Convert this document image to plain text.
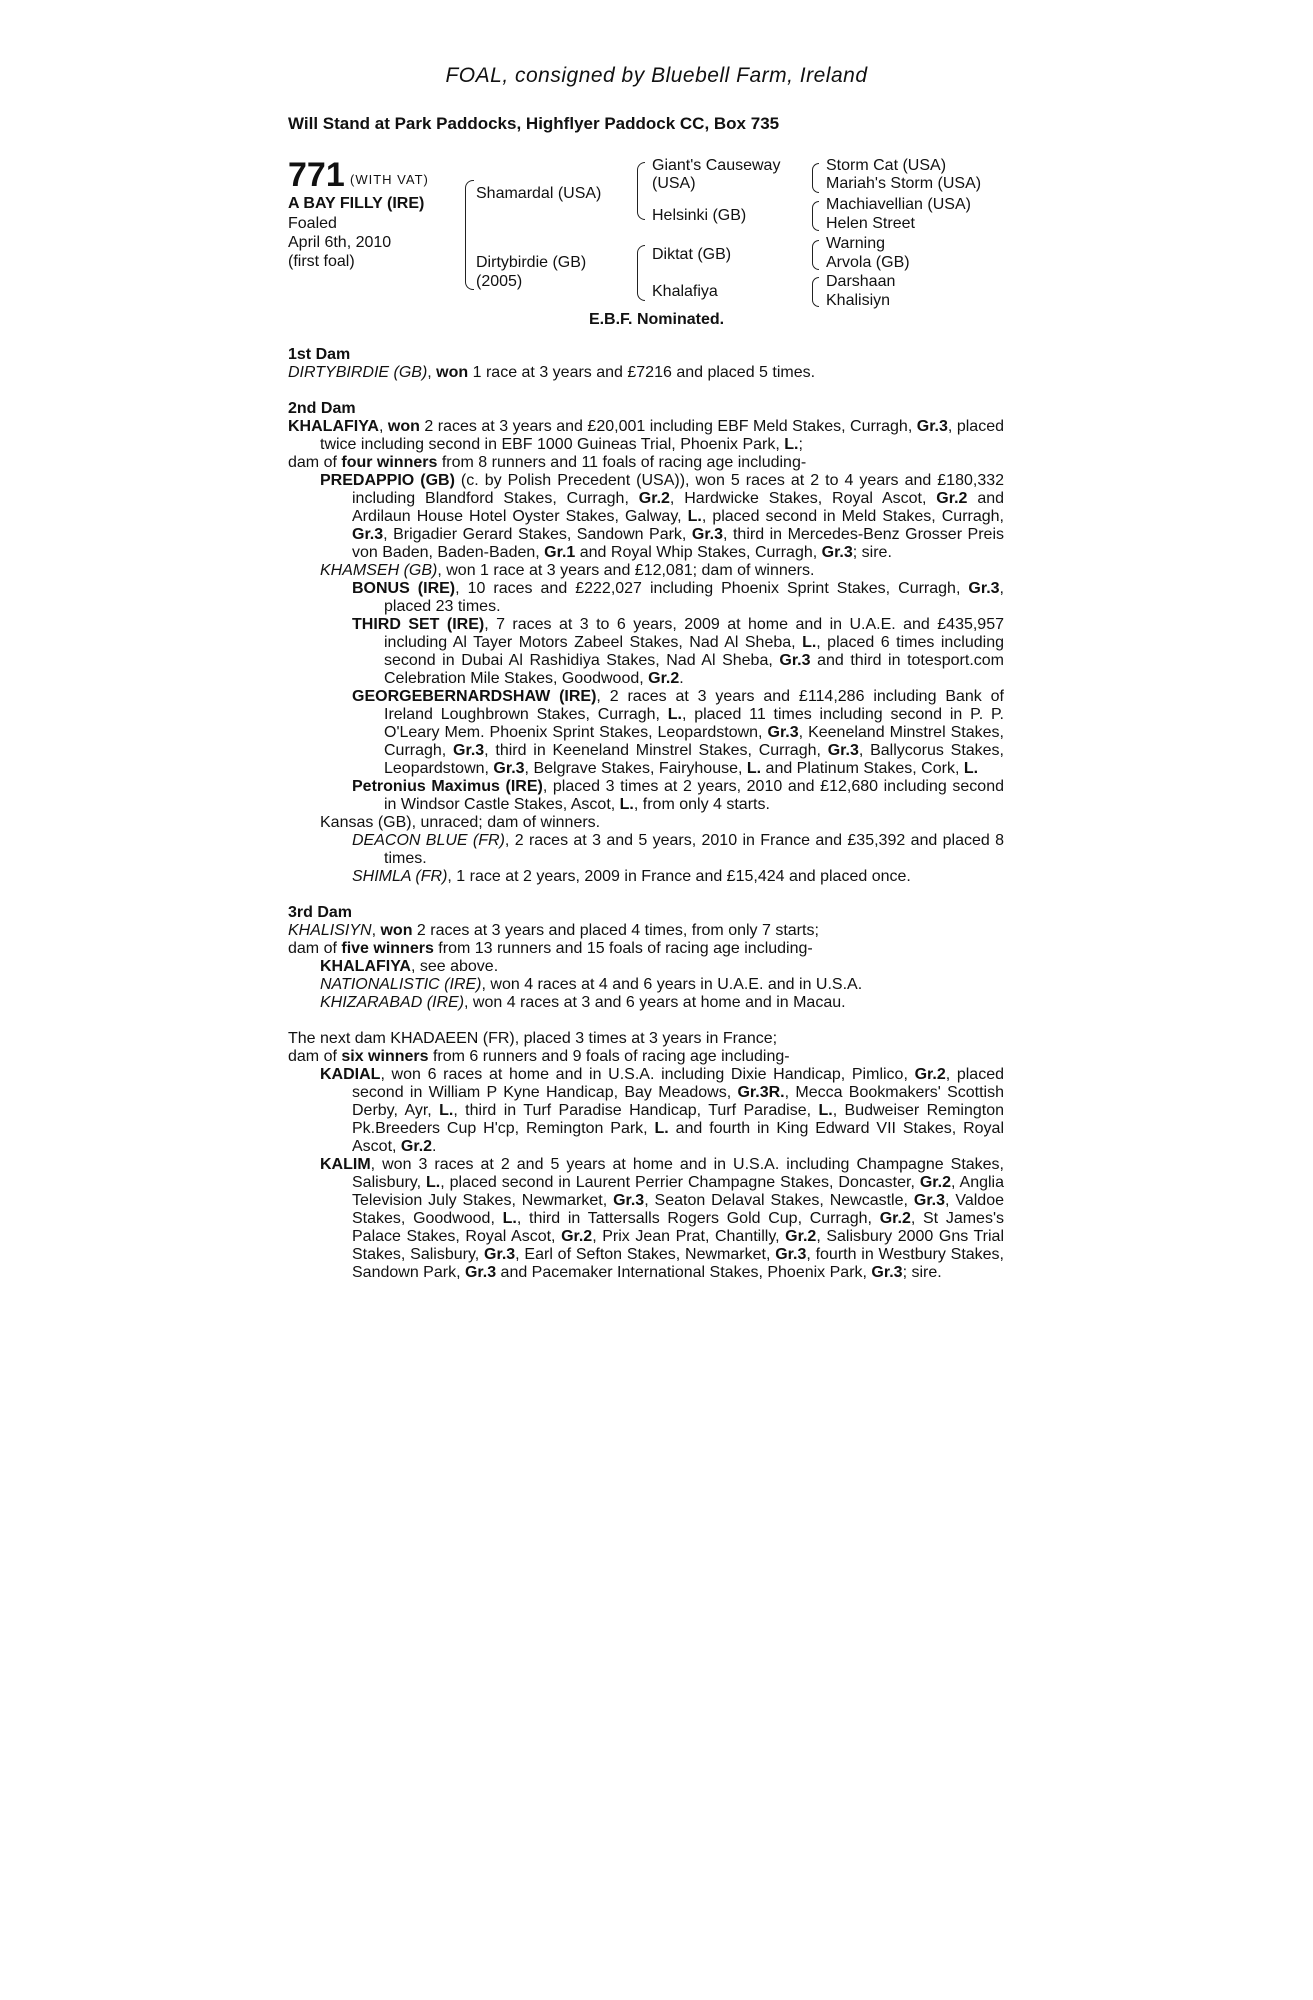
FOAL, consigned by Bluebell Farm, Ireland
Will Stand at Park Paddocks, Highflyer Paddock CC, Box 735
771 (WITH VAT)
A BAY FILLY (IRE)
Foaled
April 6th, 2010
(first foal)
Shamardal (USA)
Dirtybirdie (GB)
(2005)
Giant's Causeway
(USA)
Helsinki (GB)
Diktat (GB)
Khalafiya
Storm Cat (USA)
Mariah's Storm (USA)
Machiavellian (USA)
Helen Street
Warning
Arvola (GB)
Darshaan
Khalisiyn
E.B.F. Nominated.
1st Dam
DIRTYBIRDIE (GB), won 1 race at 3 years and £7216 and placed 5 times.
2nd Dam
KHALAFIYA, won 2 races at 3 years and £20,001 including EBF Meld Stakes, Curragh, Gr.3, placed twice including second in EBF 1000 Guineas Trial, Phoenix Park, L.;
dam of four winners from 8 runners and 11 foals of racing age including-
PREDAPPIO (GB) (c. by Polish Precedent (USA)), won 5 races at 2 to 4 years and £180,332 including Blandford Stakes, Curragh, Gr.2, Hardwicke Stakes, Royal Ascot, Gr.2 and Ardilaun House Hotel Oyster Stakes, Galway, L., placed second in Meld Stakes, Curragh, Gr.3, Brigadier Gerard Stakes, Sandown Park, Gr.3, third in Mercedes-Benz Grosser Preis von Baden, Baden-Baden, Gr.1 and Royal Whip Stakes, Curragh, Gr.3; sire.
KHAMSEH (GB), won 1 race at 3 years and £12,081; dam of winners.
BONUS (IRE), 10 races and £222,027 including Phoenix Sprint Stakes, Curragh, Gr.3, placed 23 times.
THIRD SET (IRE), 7 races at 3 to 6 years, 2009 at home and in U.A.E. and £435,957 including Al Tayer Motors Zabeel Stakes, Nad Al Sheba, L., placed 6 times including second in Dubai Al Rashidiya Stakes, Nad Al Sheba, Gr.3 and third in totesport.com Celebration Mile Stakes, Goodwood, Gr.2.
GEORGEBERNARDSHAW (IRE), 2 races at 3 years and £114,286 including Bank of Ireland Loughbrown Stakes, Curragh, L., placed 11 times including second in P. P. O'Leary Mem. Phoenix Sprint Stakes, Leopardstown, Gr.3, Keeneland Minstrel Stakes, Curragh, Gr.3, third in Keeneland Minstrel Stakes, Curragh, Gr.3, Ballycorus Stakes, Leopardstown, Gr.3, Belgrave Stakes, Fairyhouse, L. and Platinum Stakes, Cork, L.
Petronius Maximus (IRE), placed 3 times at 2 years, 2010 and £12,680 including second in Windsor Castle Stakes, Ascot, L., from only 4 starts.
Kansas (GB), unraced; dam of winners.
DEACON BLUE (FR), 2 races at 3 and 5 years, 2010 in France and £35,392 and placed 8 times.
SHIMLA (FR), 1 race at 2 years, 2009 in France and £15,424 and placed once.
3rd Dam
KHALISIYN, won 2 races at 3 years and placed 4 times, from only 7 starts;
dam of five winners from 13 runners and 15 foals of racing age including-
KHALAFIYA, see above.
NATIONALISTIC (IRE), won 4 races at 4 and 6 years in U.A.E. and in U.S.A.
KHIZARABAD (IRE), won 4 races at 3 and 6 years at home and in Macau.
The next dam KHADAEEN (FR), placed 3 times at 3 years in France;
dam of six winners from 6 runners and 9 foals of racing age including-
KADIAL, won 6 races at home and in U.S.A. including Dixie Handicap, Pimlico, Gr.2, placed second in William P Kyne Handicap, Bay Meadows, Gr.3R., Mecca Bookmakers' Scottish Derby, Ayr, L., third in Turf Paradise Handicap, Turf Paradise, L., Budweiser Remington Pk.Breeders Cup H'cp, Remington Park, L. and fourth in King Edward VII Stakes, Royal Ascot, Gr.2.
KALIM, won 3 races at 2 and 5 years at home and in U.S.A. including Champagne Stakes, Salisbury, L., placed second in Laurent Perrier Champagne Stakes, Doncaster, Gr.2, Anglia Television July Stakes, Newmarket, Gr.3, Seaton Delaval Stakes, Newcastle, Gr.3, Valdoe Stakes, Goodwood, L., third in Tattersalls Rogers Gold Cup, Curragh, Gr.2, St James's Palace Stakes, Royal Ascot, Gr.2, Prix Jean Prat, Chantilly, Gr.2, Salisbury 2000 Gns Trial Stakes, Salisbury, Gr.3, Earl of Sefton Stakes, Newmarket, Gr.3, fourth in Westbury Stakes, Sandown Park, Gr.3 and Pacemaker International Stakes, Phoenix Park, Gr.3; sire.
